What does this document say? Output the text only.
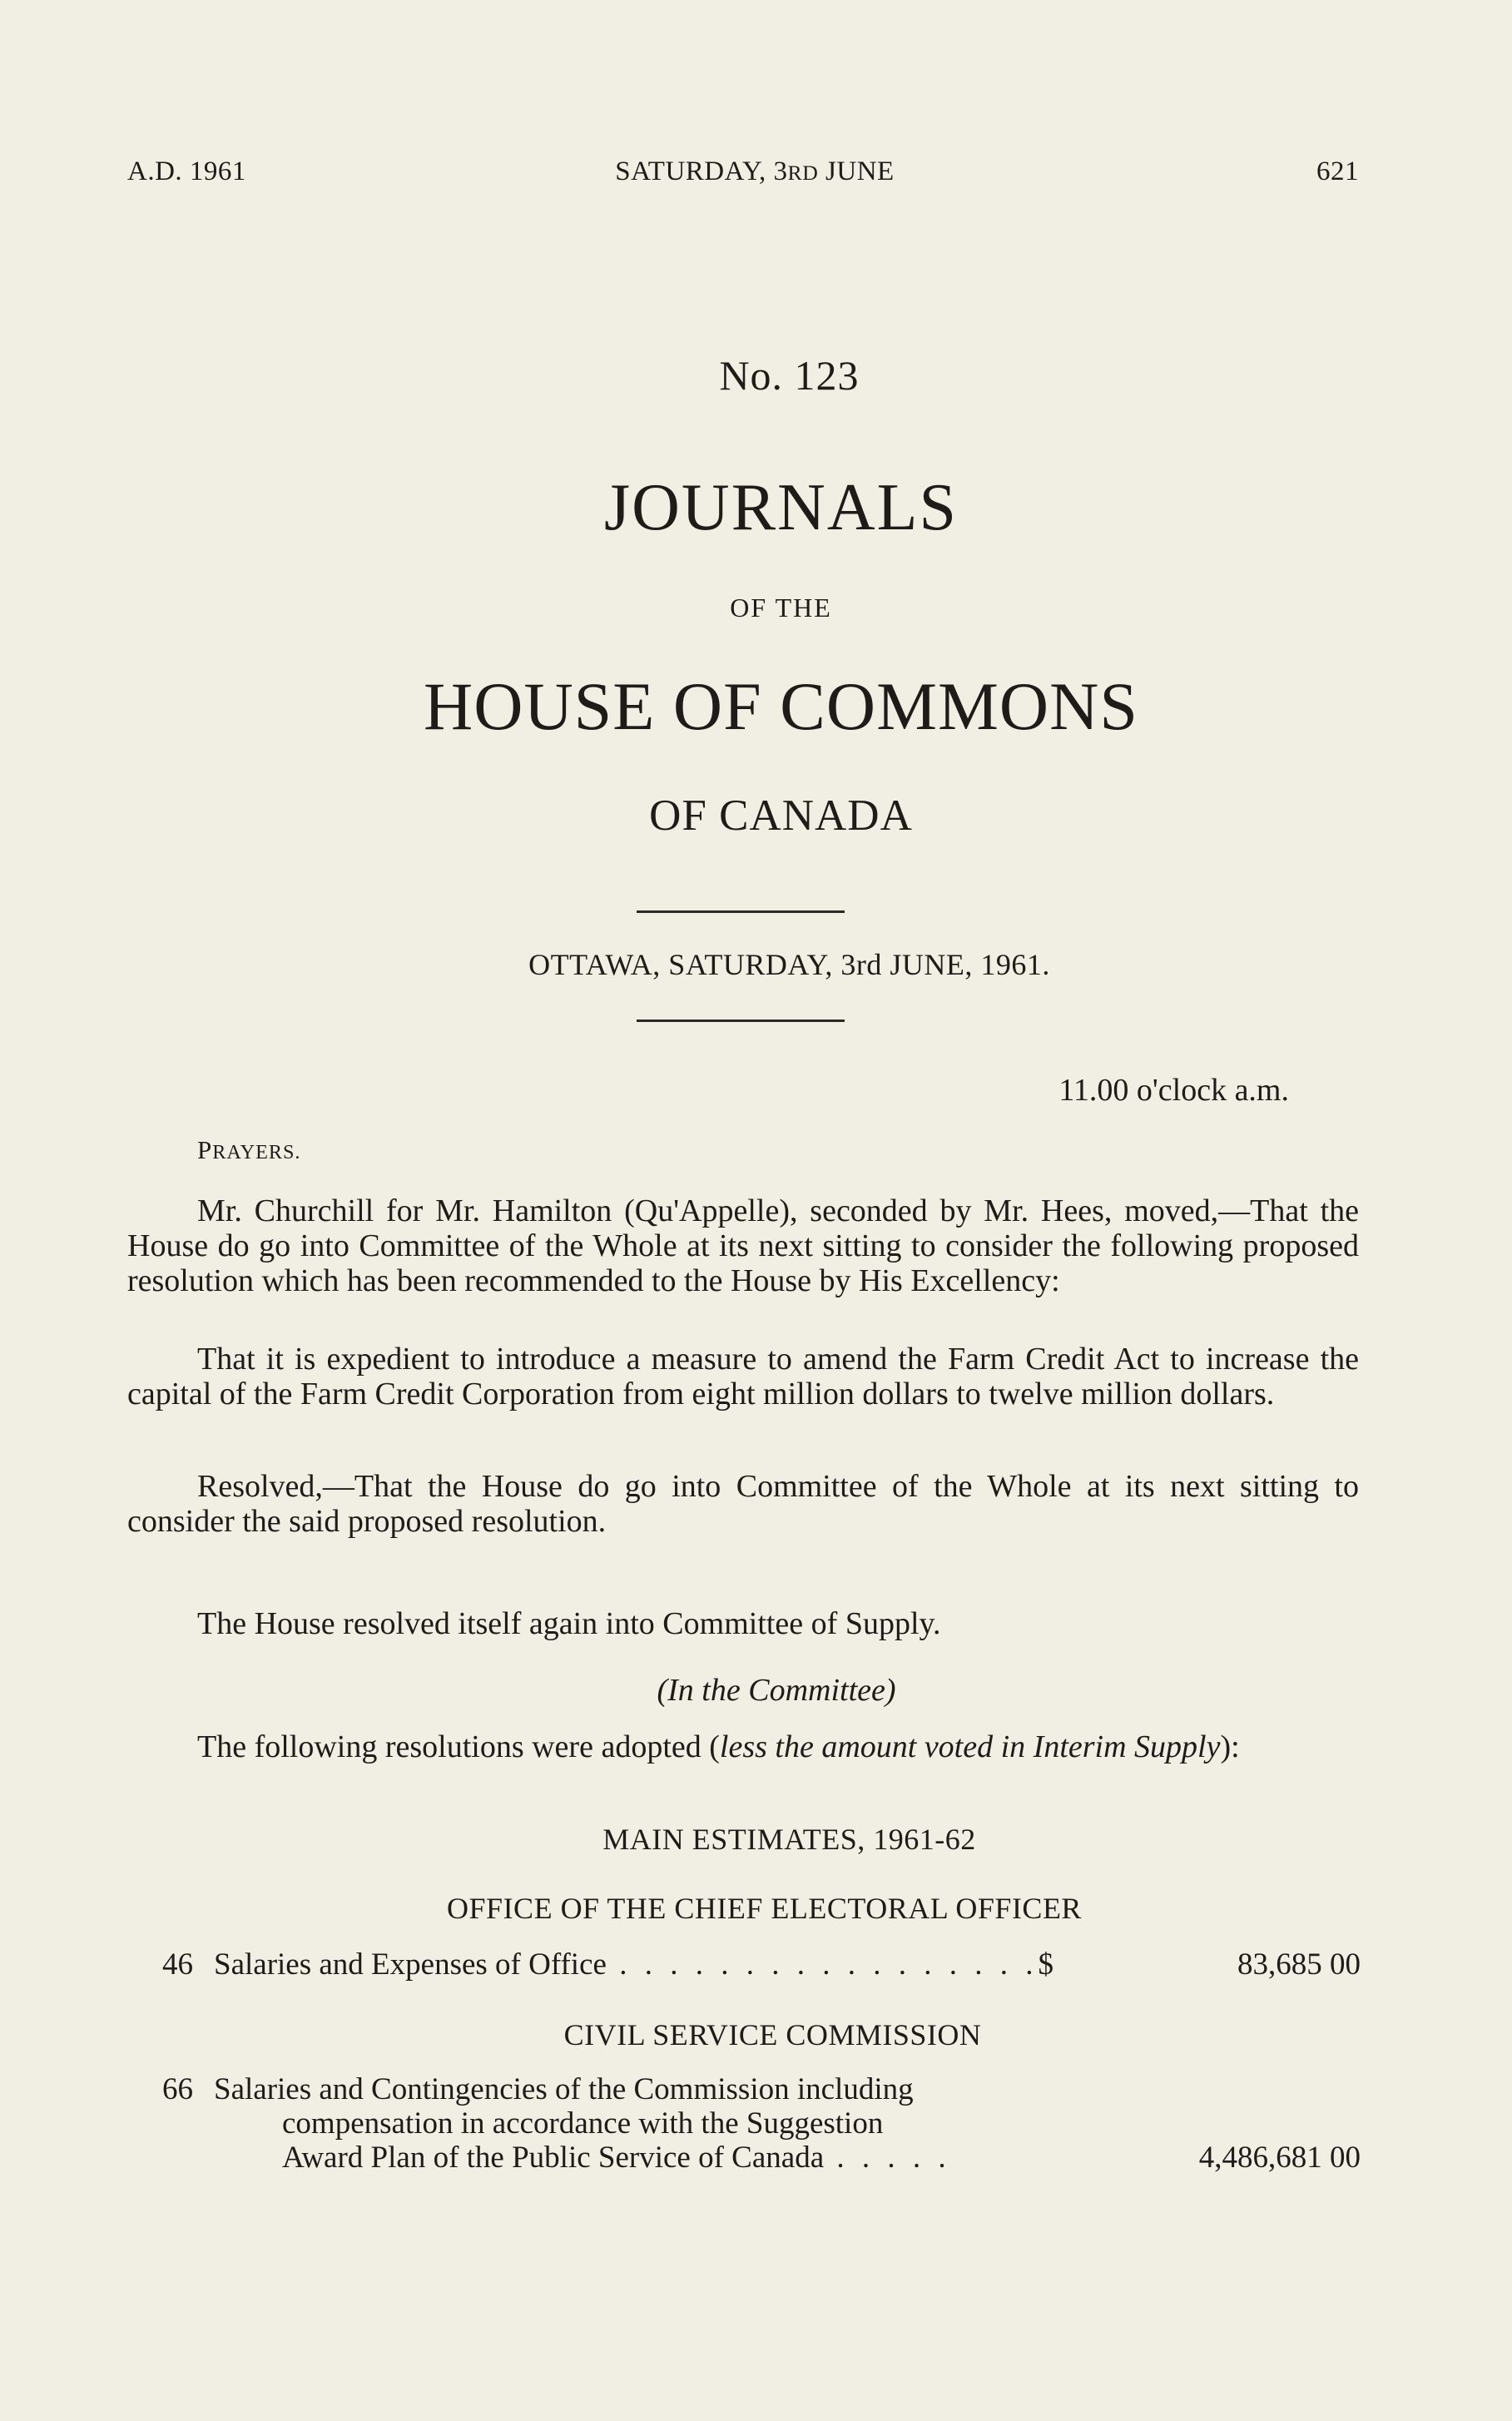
A.D. 1961	SATURDAY, 3RD JUNE	621
No. 123
JOURNALS
OF THE
HOUSE OF COMMONS
OF CANADA
OTTAWA, SATURDAY, 3rd JUNE, 1961.
11.00 o'clock a.m.
PRAYERS.
Mr. Churchill for Mr. Hamilton (Qu'Appelle), seconded by Mr. Hees, moved,—That the House do go into Committee of the Whole at its next sitting to consider the following proposed resolution which has been recommended to the House by His Excellency:
That it is expedient to introduce a measure to amend the Farm Credit Act to increase the capital of the Farm Credit Corporation from eight million dollars to twelve million dollars.
Resolved,—That the House do go into Committee of the Whole at its next sitting to consider the said proposed resolution.
The House resolved itself again into Committee of Supply.
(In the Committee)
The following resolutions were adopted (less the amount voted in Interim Supply):
MAIN ESTIMATES, 1961-62
OFFICE OF THE CHIEF ELECTORAL OFFICER
46 Salaries and Expenses of Office . . . . . . . . . . . . . . . . .$	83,685 00
CIVIL SERVICE COMMISSION
66 Salaries and Contingencies of the Commission including
compensation in accordance with the Suggestion
Award Plan of the Public Service of Canada . . . . .	4,486,681 00
